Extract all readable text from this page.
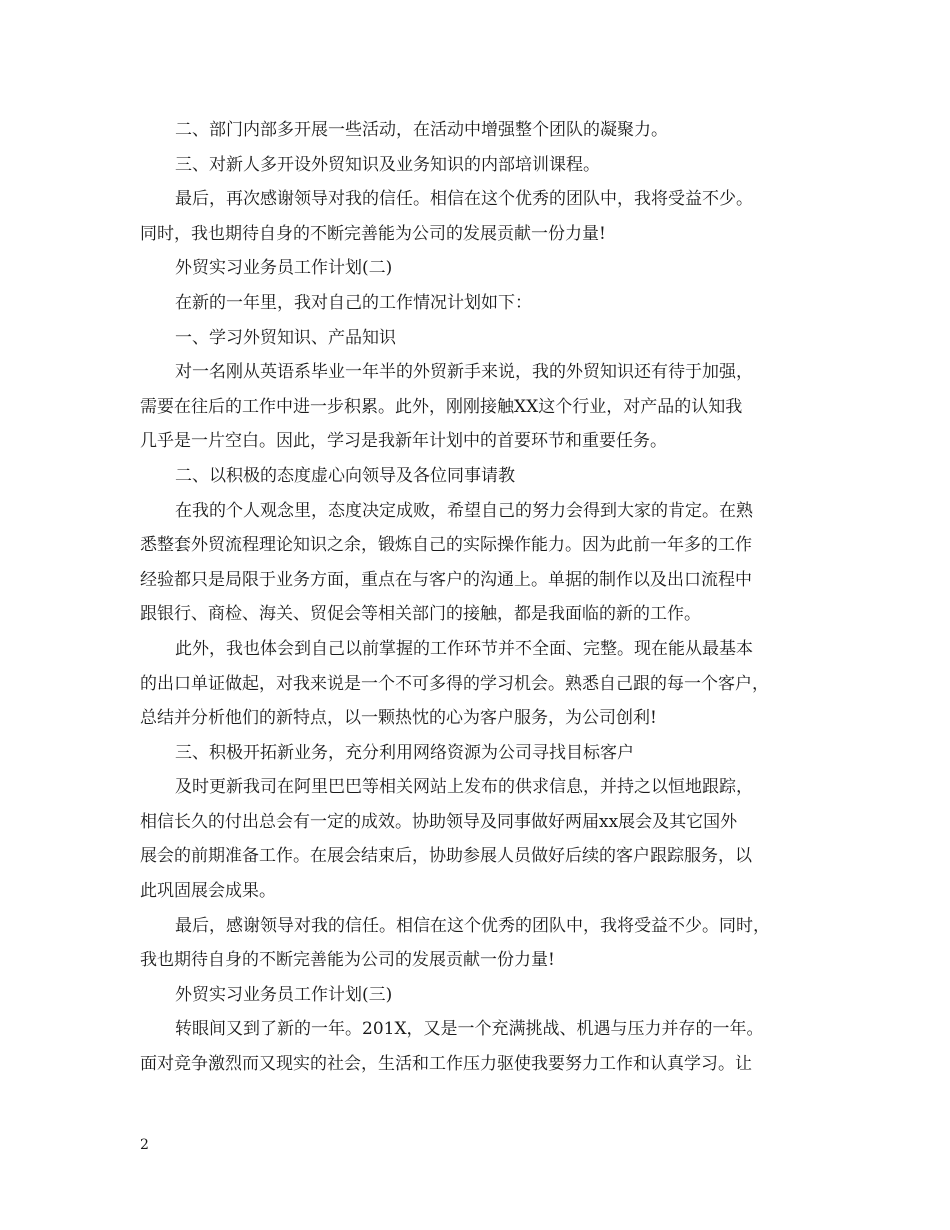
二、部门内部多开展一些活动，在活动中增强整个团队的凝聚力。
三、对新人多开设外贸知识及业务知识的内部培训课程。
最后，再次感谢领导对我的信任。相信在这个优秀的团队中，我将受益不少。
同时，我也期待自身的不断完善能为公司的发展贡献一份力量!
外贸实习业务员工作计划(二)
在新的一年里，我对自己的工作情况计划如下：
一、学习外贸知识、产品知识
对一名刚从英语系毕业一年半的外贸新手来说，我的外贸知识还有待于加强，
需要在往后的工作中进一步积累。此外，刚刚接触XX这个行业，对产品的认知我
几乎是一片空白。因此，学习是我新年计划中的首要环节和重要任务。
二、以积极的态度虚心向领导及各位同事请教
在我的个人观念里，态度决定成败，希望自己的努力会得到大家的肯定。在熟
悉整套外贸流程理论知识之余，锻炼自己的实际操作能力。因为此前一年多的工作
经验都只是局限于业务方面，重点在与客户的沟通上。单据的制作以及出口流程中
跟银行、商检、海关、贸促会等相关部门的接触，都是我面临的新的工作。
此外，我也体会到自己以前掌握的工作环节并不全面、完整。现在能从最基本
的出口单证做起，对我来说是一个不可多得的学习机会。熟悉自己跟的每一个客户，
总结并分析他们的新特点，以一颗热忱的心为客户服务，为公司创利!
三、积极开拓新业务，充分利用网络资源为公司寻找目标客户
及时更新我司在阿里巴巴等相关网站上发布的供求信息，并持之以恒地跟踪，
相信长久的付出总会有一定的成效。协助领导及同事做好两届xx展会及其它国外
展会的前期准备工作。在展会结束后，协助参展人员做好后续的客户跟踪服务，以
此巩固展会成果。
最后，感谢领导对我的信任。相信在这个优秀的团队中，我将受益不少。同时，
我也期待自身的不断完善能为公司的发展贡献一份力量!
外贸实习业务员工作计划(三)
转眼间又到了新的一年。201X，又是一个充满挑战、机遇与压力并存的一年。
面对竞争激烈而又现实的社会，生活和工作压力驱使我要努力工作和认真学习。让
2
